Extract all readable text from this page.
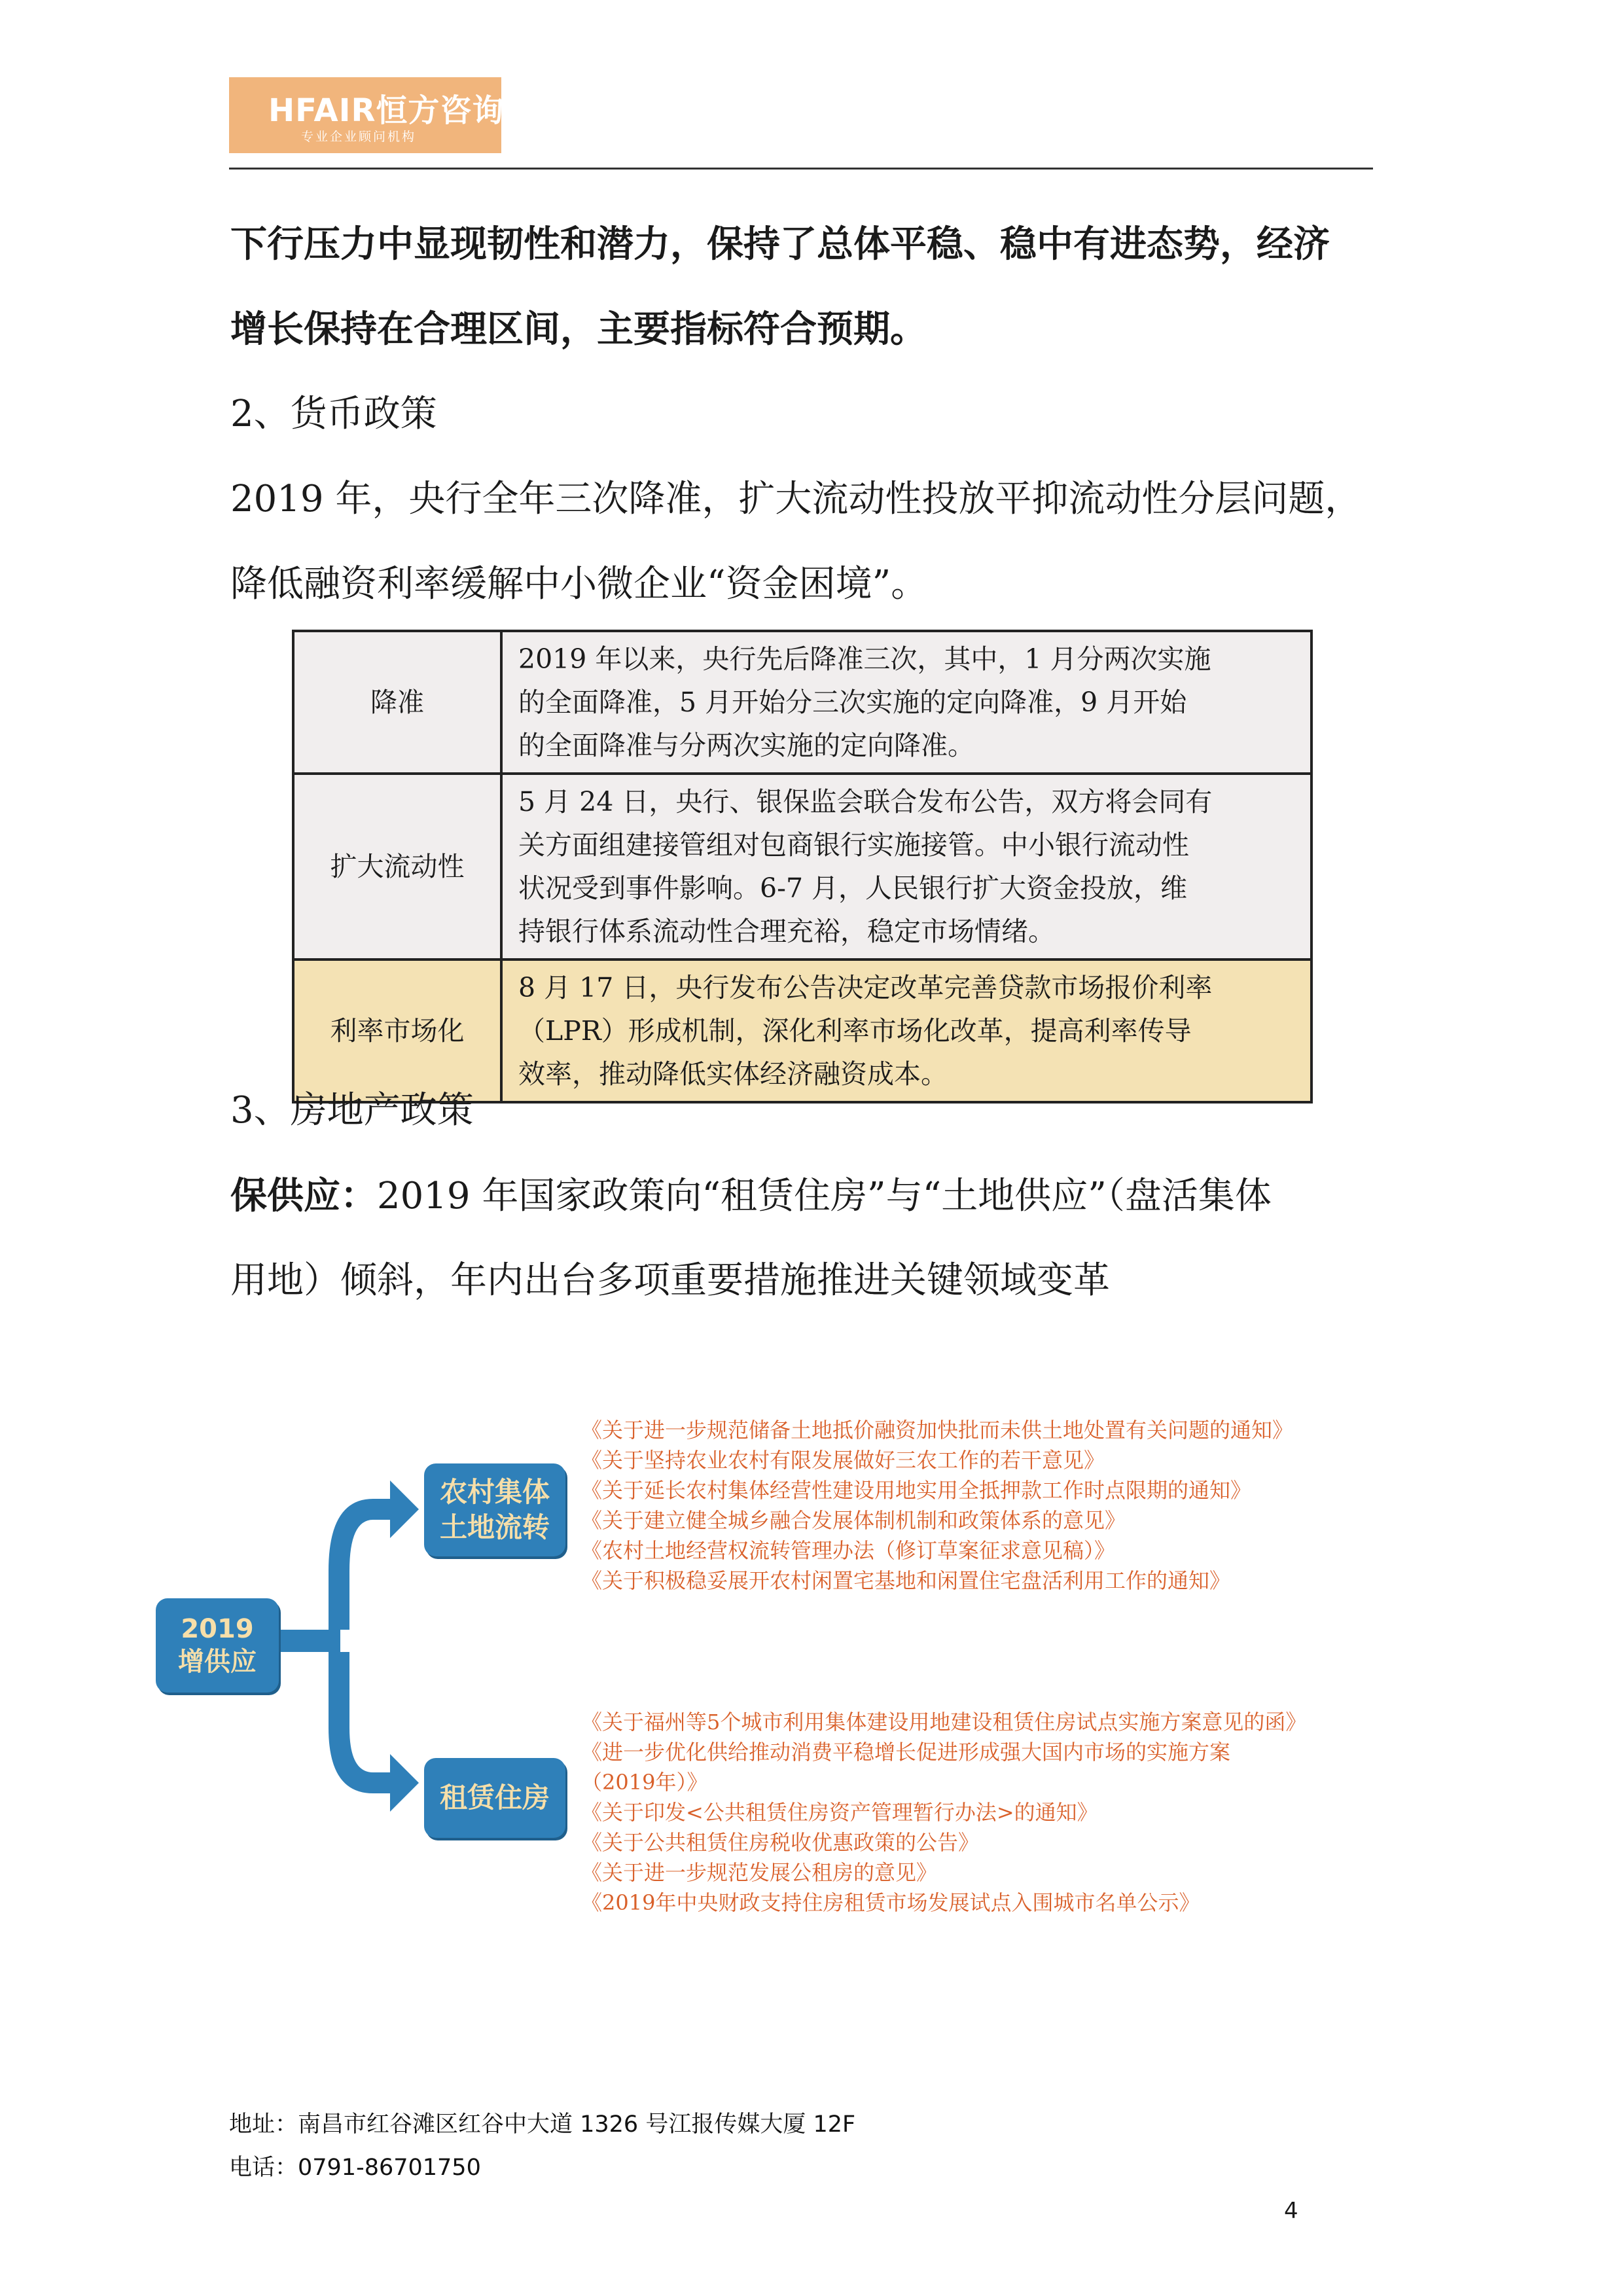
HFAIR恒方咨询
专业企业顾问机构
下行压力中显现韧性和潜力，保持了总体平稳、稳中有进态势，经济
增长保持在合理区间，主要指标符合预期。
2、货币政策
2019 年，央行全年三次降准，扩大流动性投放平抑流动性分层问题，
降低融资利率缓解中小微企业“资金困境”。
降准	2019 年以来，央行先后降准三次，其中，1 月分两次实施
的全面降准，5 月开始分三次实施的定向降准，9 月开始
的全面降准与分两次实施的定向降准。

扩大流动性	5 月 24 日，央行、银保监会联合发布公告，双方将会同有
关方面组建接管组对包商银行实施接管。中小银行流动性
状况受到事件影响。6-7 月，人民银行扩大资金投放，维
持银行体系流动性合理充裕，稳定市场情绪。

利率市场化	8 月 17 日，央行发布公告决定改革完善贷款市场报价利率
（LPR）形成机制，深化利率市场化改革，提高利率传导
效率，推动降低实体经济融资成本。
3、房地产政策
保供应：2019 年国家政策向“租赁住房”与“土地供应”（盘活集体
用地）倾斜，年内出台多项重要措施推进关键领域变革
2019
增供应
农村集体
土地流转
租赁住房
《关于进一步规范储备土地抵价融资加快批而未供土地处置有关问题的通知》
《关于坚持农业农村有限发展做好三农工作的若干意见》
《关于延长农村集体经营性建设用地实用全抵押款工作时点限期的通知》
《关于建立健全城乡融合发展体制机制和政策体系的意见》
《农村土地经营权流转管理办法（修订草案征求意见稿）》
《关于积极稳妥展开农村闲置宅基地和闲置住宅盘活利用工作的通知》
《关于福州等5个城市利用集体建设用地建设租赁住房试点实施方案意见的函》
《进一步优化供给推动消费平稳增长促进形成强大国内市场的实施方案
（2019年）》
《关于印发<公共租赁住房资产管理暂行办法>的通知》
《关于公共租赁住房税收优惠政策的公告》
《关于进一步规范发展公租房的意见》
《2019年中央财政支持住房租赁市场发展试点入围城市名单公示》
地址：南昌市红谷滩区红谷中大道 1326 号江报传媒大厦 12F
电话：0791-86701750
4
